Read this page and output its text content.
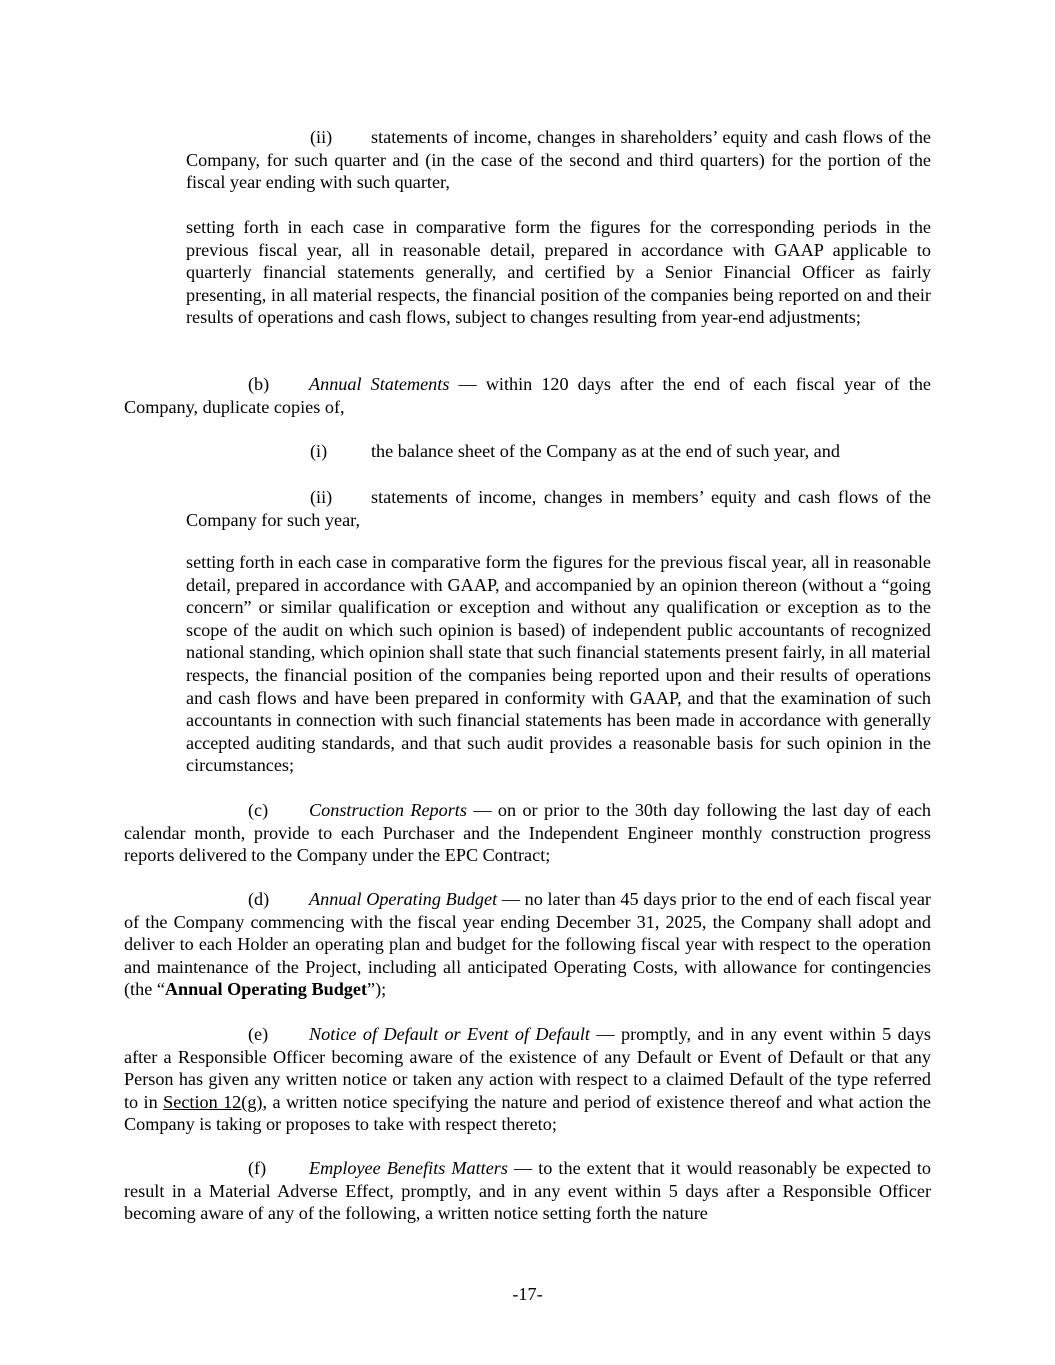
(ii) statements of income, changes in shareholders’ equity and cash flows of the Company, for such quarter and (in the case of the second and third quarters) for the portion of the fiscal year ending with such quarter,

setting forth in each case in comparative form the figures for the corresponding periods in the previous fiscal year, all in reasonable detail, prepared in accordance with GAAP applicable to quarterly financial statements generally, and certified by a Senior Financial Officer as fairly presenting, in all material respects, the financial position of the companies being reported on and their results of operations and cash flows, subject to changes resulting from year-end adjustments;

(b) Annual Statements — within 120 days after the end of each fiscal year of the Company, duplicate copies of,

(i) the balance sheet of the Company as at the end of such year, and

(ii) statements of income, changes in members’ equity and cash flows of the Company for such year,

setting forth in each case in comparative form the figures for the previous fiscal year, all in reasonable detail, prepared in accordance with GAAP, and accompanied by an opinion thereon (without a “going concern” or similar qualification or exception and without any qualification or exception as to the scope of the audit on which such opinion is based) of independent public accountants of recognized national standing, which opinion shall state that such financial statements present fairly, in all material respects, the financial position of the companies being reported upon and their results of operations and cash flows and have been prepared in conformity with GAAP, and that the examination of such accountants in connection with such financial statements has been made in accordance with generally accepted auditing standards, and that such audit provides a reasonable basis for such opinion in the circumstances;

(c) Construction Reports — on or prior to the 30th day following the last day of each calendar month, provide to each Purchaser and the Independent Engineer monthly construction progress reports delivered to the Company under the EPC Contract;

(d) Annual Operating Budget — no later than 45 days prior to the end of each fiscal year of the Company commencing with the fiscal year ending December 31, 2025, the Company shall adopt and deliver to each Holder an operating plan and budget for the following fiscal year with respect to the operation and maintenance of the Project, including all anticipated Operating Costs, with allowance for contingencies (the “Annual Operating Budget”);

(e) Notice of Default or Event of Default — promptly, and in any event within 5 days after a Responsible Officer becoming aware of the existence of any Default or Event of Default or that any Person has given any written notice or taken any action with respect to a claimed Default of the type referred to in Section 12(g), a written notice specifying the nature and period of existence thereof and what action the Company is taking or proposes to take with respect thereto;

(f) Employee Benefits Matters — to the extent that it would reasonably be expected to result in a Material Adverse Effect, promptly, and in any event within 5 days after a Responsible Officer becoming aware of any of the following, a written notice setting forth the nature

-17-
